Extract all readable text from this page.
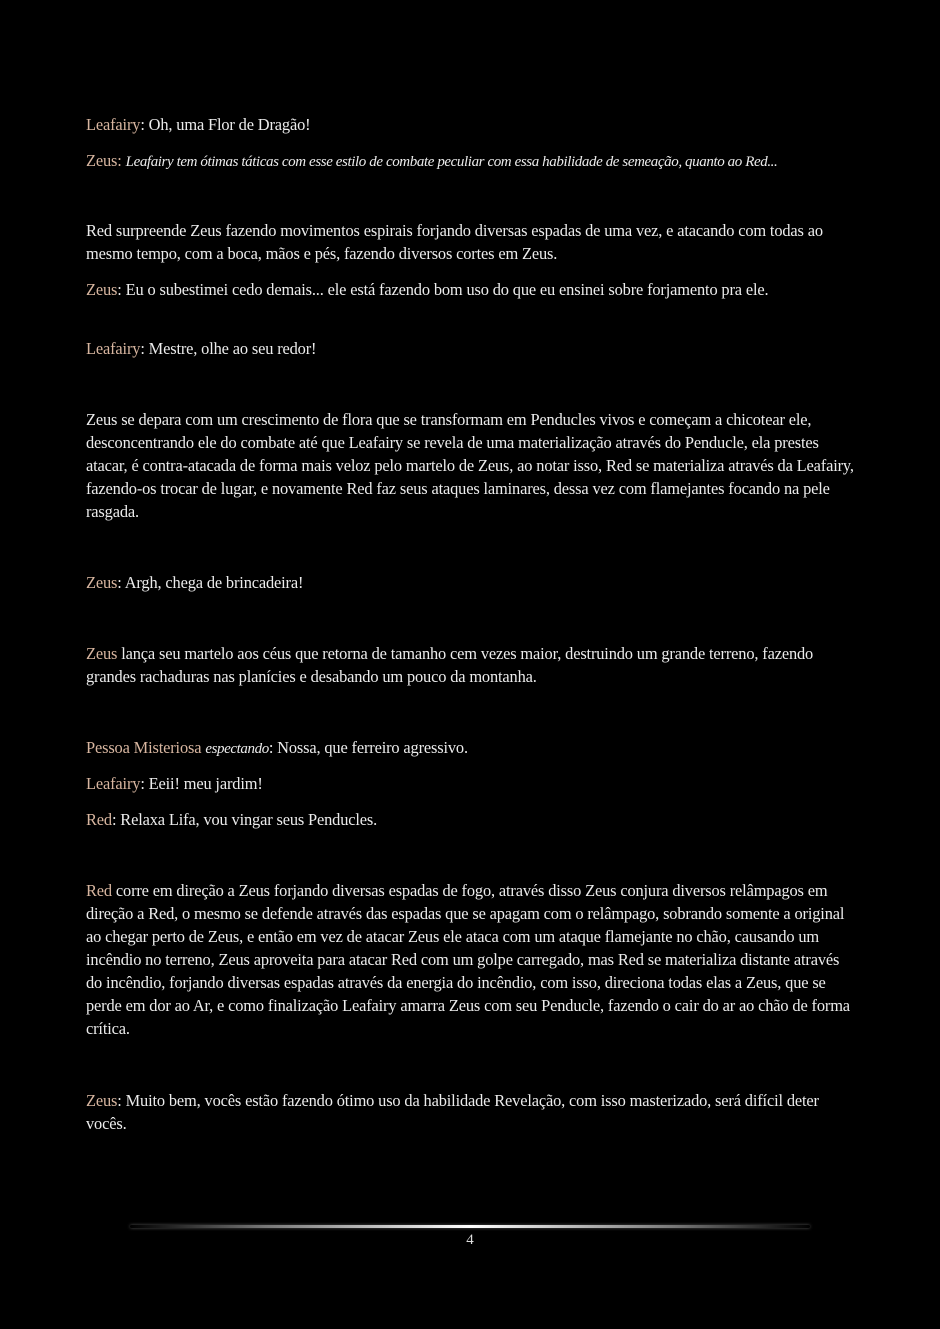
Leafairy: Oh, uma Flor de Dragão!

Zeus: Leafairy tem ótimas táticas com esse estilo de combate peculiar com essa habilidade de semeação, quanto ao Red...

Red surpreende Zeus fazendo movimentos espirais forjando diversas espadas de uma vez, e atacando com todas ao mesmo tempo, com a boca, mãos e pés, fazendo diversos cortes em Zeus.

Zeus: Eu o subestimei cedo demais... ele está fazendo bom uso do que eu ensinei sobre forjamento pra ele.

Leafairy: Mestre, olhe ao seu redor!

Zeus se depara com um crescimento de flora que se transformam em Penducles vivos e começam a chicotear ele, desconcentrando ele do combate até que Leafairy se revela de uma materialização através do Penducle, ela prestes atacar, é contra-atacada de forma mais veloz pelo martelo de Zeus, ao notar isso, Red se materializa através da Leafairy, fazendo-os trocar de lugar, e novamente Red faz seus ataques laminares, dessa vez com flamejantes focando na pele rasgada.

Zeus: Argh, chega de brincadeira!

Zeus lança seu martelo aos céus que retorna de tamanho cem vezes maior, destruindo um grande terreno, fazendo grandes rachaduras nas planícies e desabando um pouco da montanha.

Pessoa Misteriosa espectando: Nossa, que ferreiro agressivo.

Leafairy: Eeii! meu jardim!

Red: Relaxa Lifa, vou vingar seus Penducles.

Red corre em direção a Zeus forjando diversas espadas de fogo, através disso Zeus conjura diversos relâmpagos em direção a Red, o mesmo se defende através das espadas que se apagam com o relâmpago, sobrando somente a original ao chegar perto de Zeus, e então em vez de atacar Zeus ele ataca com um ataque flamejante no chão, causando um incêndio no terreno, Zeus aproveita para atacar Red com um golpe carregado, mas Red se materializa distante através do incêndio, forjando diversas espadas através da energia do incêndio, com isso, direciona todas elas a Zeus, que se perde em dor ao Ar, e como finalização Leafairy amarra Zeus com seu Penducle, fazendo o cair do ar ao chão de forma crítica.

Zeus: Muito bem, vocês estão fazendo ótimo uso da habilidade Revelação, com isso masterizado, será difícil deter vocês.

4
